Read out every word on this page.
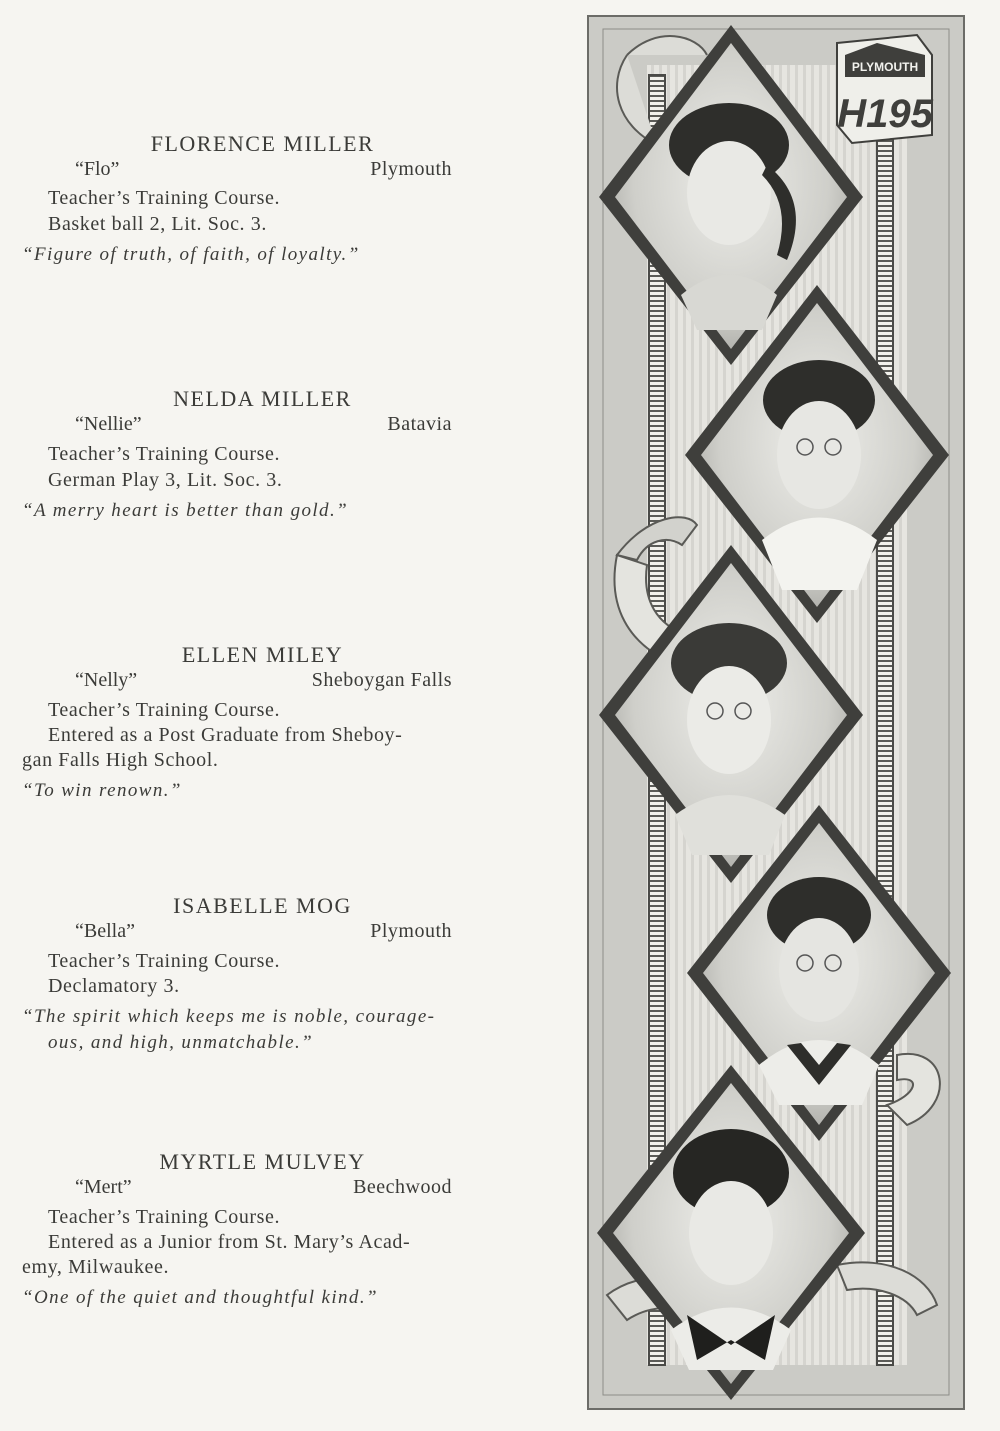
FLORENCE MILLER
“Flo”	Plymouth
Teacher’s Training Course.
Basket ball 2, Lit. Soc. 3.
“Figure of truth, of faith, of loyalty.”
NELDA MILLER
“Nellie”	Batavia
Teacher’s Training Course.
German Play 3, Lit. Soc. 3.
“A merry heart is better than gold.”
ELLEN MILEY
“Nelly”	Sheboygan Falls
Teacher’s Training Course.
Entered as a Post Graduate from Sheboy-
gan Falls High School.
“To win renown.”
ISABELLE MOG
“Bella”	Plymouth
Teacher’s Training Course.
Declamatory 3.
“The spirit which keeps me is noble, courage-
ous, and high, unmatchable.”
MYRTLE MULVEY
“Mert”	Beechwood
Teacher’s Training Course.
Entered as a Junior from St. Mary’s Acad-
emy, Milwaukee.
“One of the quiet and thoughtful kind.”
PLYMOUTH
H195
